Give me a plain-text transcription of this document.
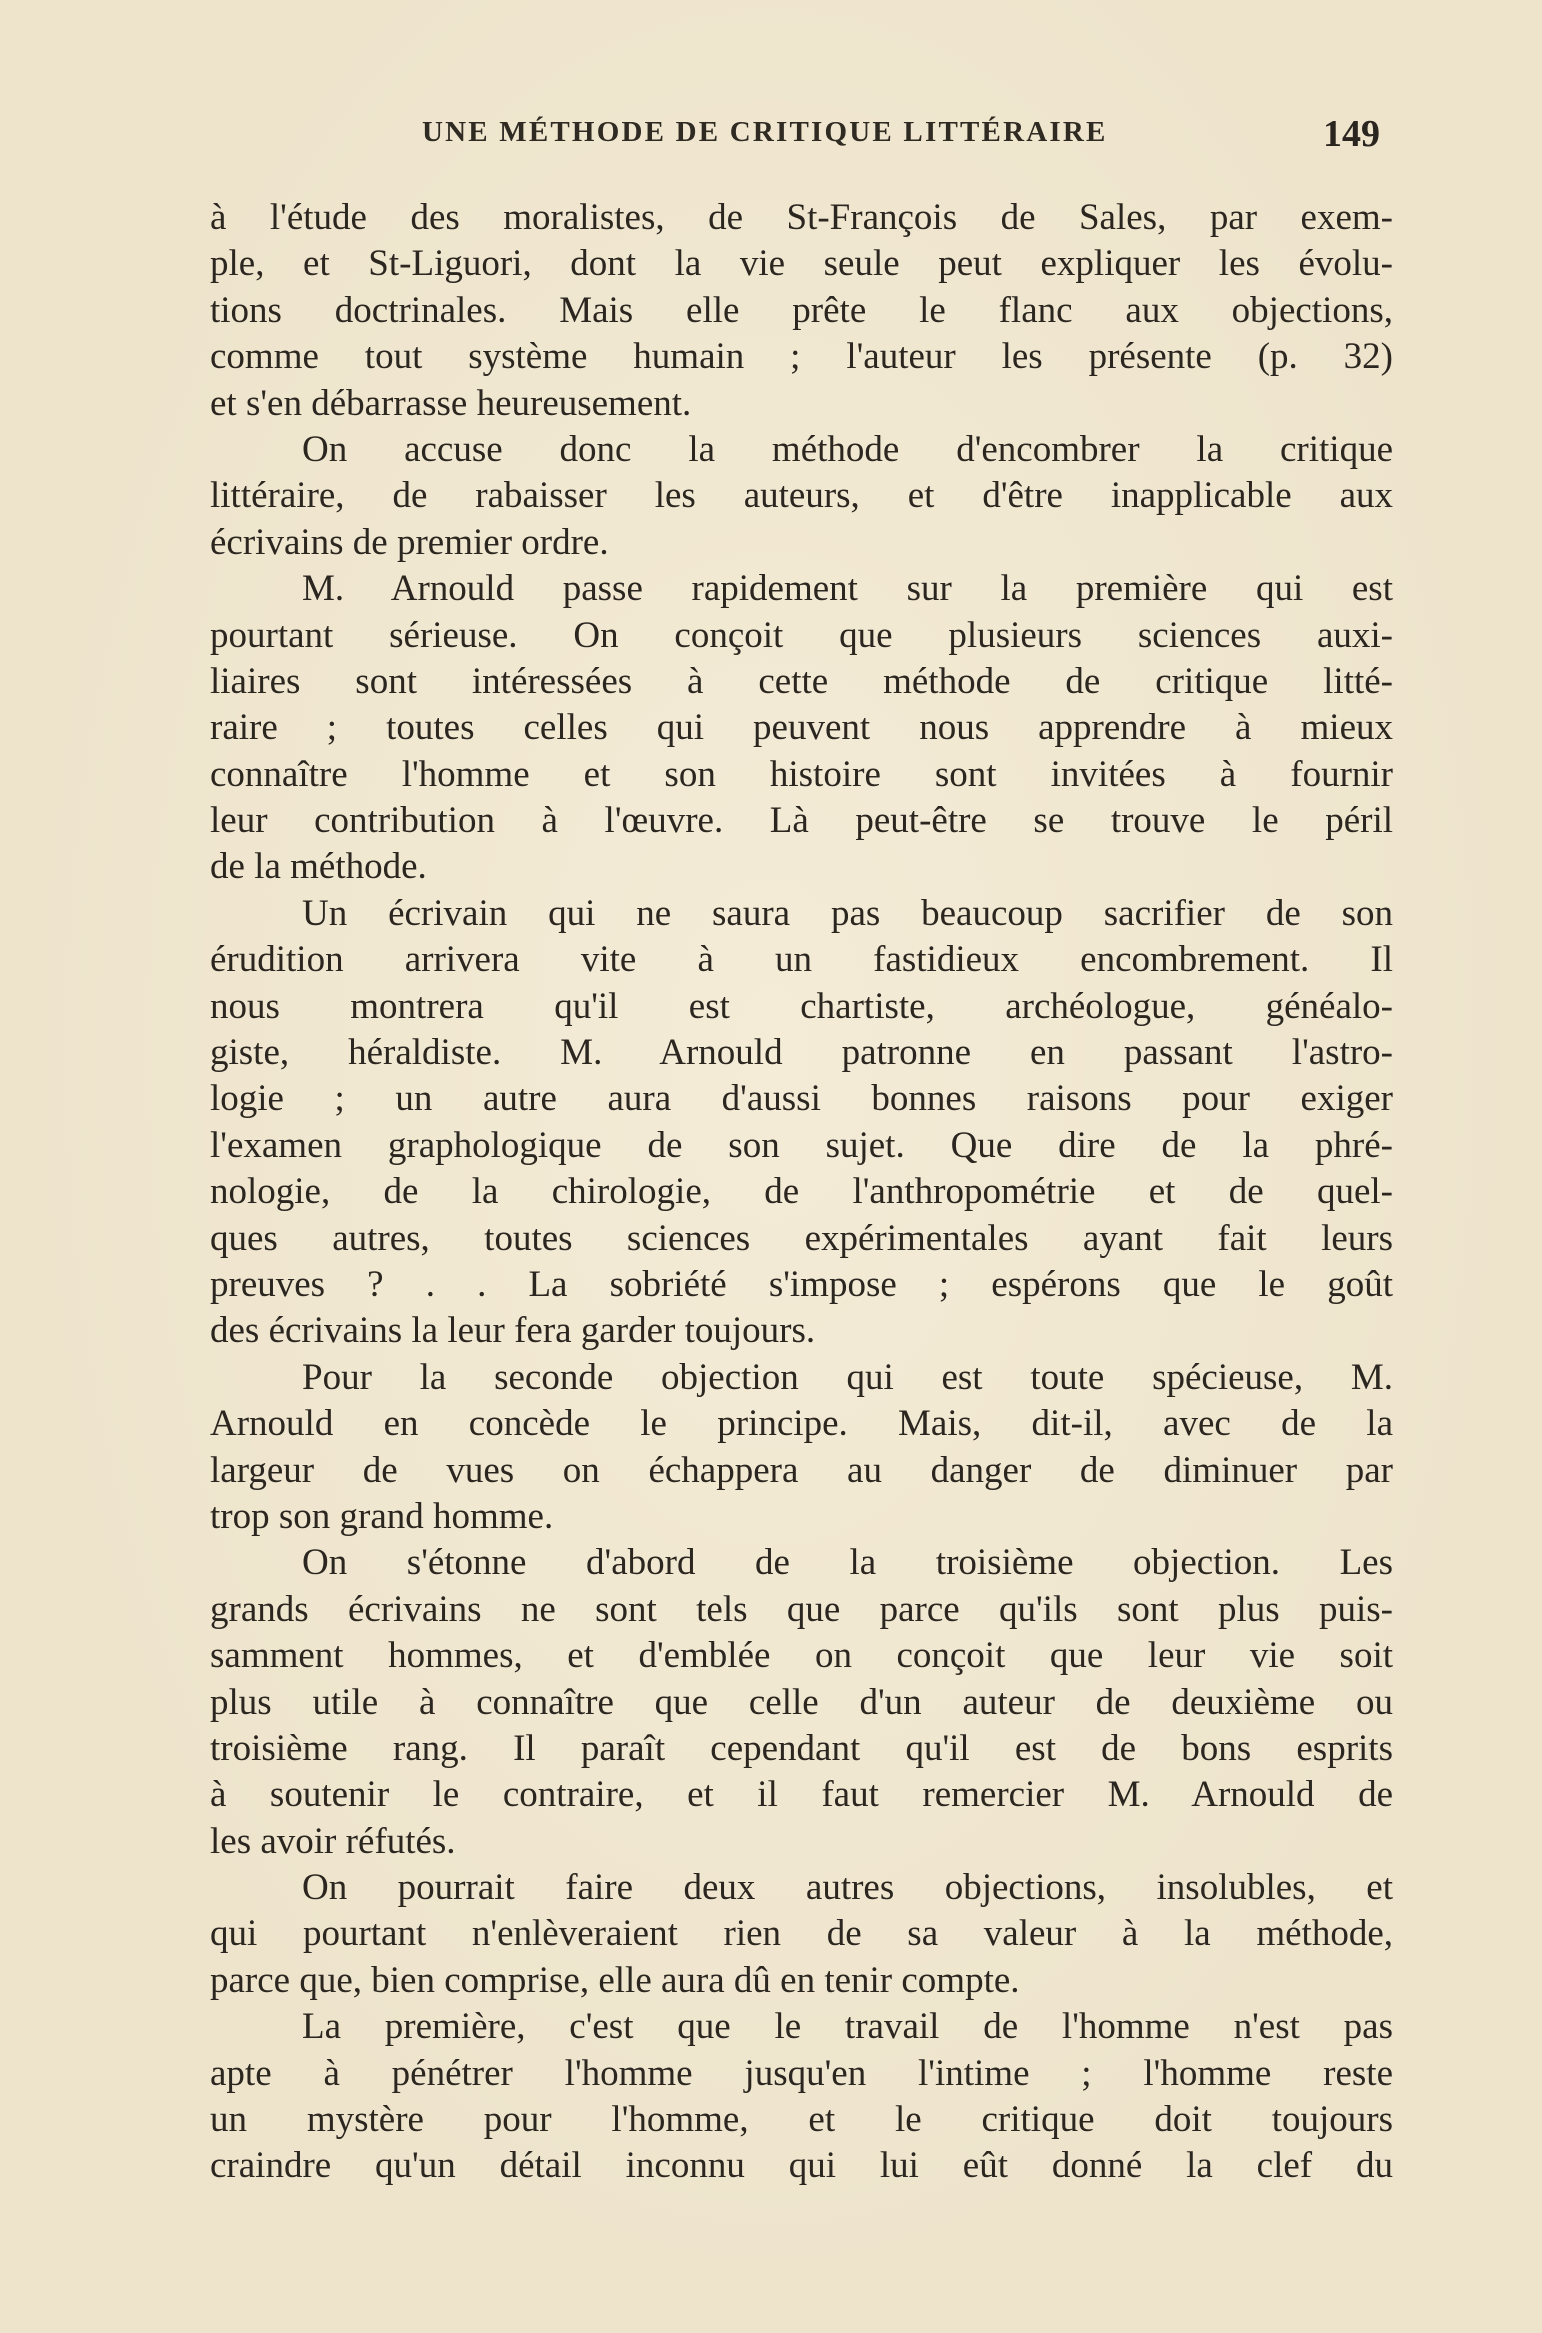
UNE MÉTHODE DE CRITIQUE LITTÉRAIRE	149
à l'étude des moralistes, de St-François de Sales, par exem-
ple, et St-Liguori, dont la vie seule peut expliquer les évolu-
tions doctrinales. Mais elle prête le flanc aux objections,
comme tout système humain ; l'auteur les présente (p. 32)
et s'en débarrasse heureusement.
On accuse donc la méthode d'encombrer la critique
littéraire, de rabaisser les auteurs, et d'être inapplicable aux
écrivains de premier ordre.
M. Arnould passe rapidement sur la première qui est
pourtant sérieuse. On conçoit que plusieurs sciences auxi-
liaires sont intéressées à cette méthode de critique litté-
raire ; toutes celles qui peuvent nous apprendre à mieux
connaître l'homme et son histoire sont invitées à fournir
leur contribution à l'œuvre. Là peut-être se trouve le péril
de la méthode.
Un écrivain qui ne saura pas beaucoup sacrifier de son
érudition arrivera vite à un fastidieux encombrement. Il
nous montrera qu'il est chartiste, archéologue, généalo-
giste, héraldiste. M. Arnould patronne en passant l'astro-
logie ; un autre aura d'aussi bonnes raisons pour exiger
l'examen graphologique de son sujet. Que dire de la phré-
nologie, de la chirologie, de l'anthropométrie et de quel-
ques autres, toutes sciences expérimentales ayant fait leurs
preuves ? . . La sobriété s'impose ; espérons que le goût
des écrivains la leur fera garder toujours.
Pour la seconde objection qui est toute spécieuse, M.
Arnould en concède le principe. Mais, dit-il, avec de la
largeur de vues on échappera au danger de diminuer par
trop son grand homme.
On s'étonne d'abord de la troisième objection. Les
grands écrivains ne sont tels que parce qu'ils sont plus puis-
samment hommes, et d'emblée on conçoit que leur vie soit
plus utile à connaître que celle d'un auteur de deuxième ou
troisième rang. Il paraît cependant qu'il est de bons esprits
à soutenir le contraire, et il faut remercier M. Arnould de
les avoir réfutés.
On pourrait faire deux autres objections, insolubles, et
qui pourtant n'enlèveraient rien de sa valeur à la méthode,
parce que, bien comprise, elle aura dû en tenir compte.
La première, c'est que le travail de l'homme n'est pas
apte à pénétrer l'homme jusqu'en l'intime ; l'homme reste
un mystère pour l'homme, et le critique doit toujours
craindre qu'un détail inconnu qui lui eût donné la clef du
